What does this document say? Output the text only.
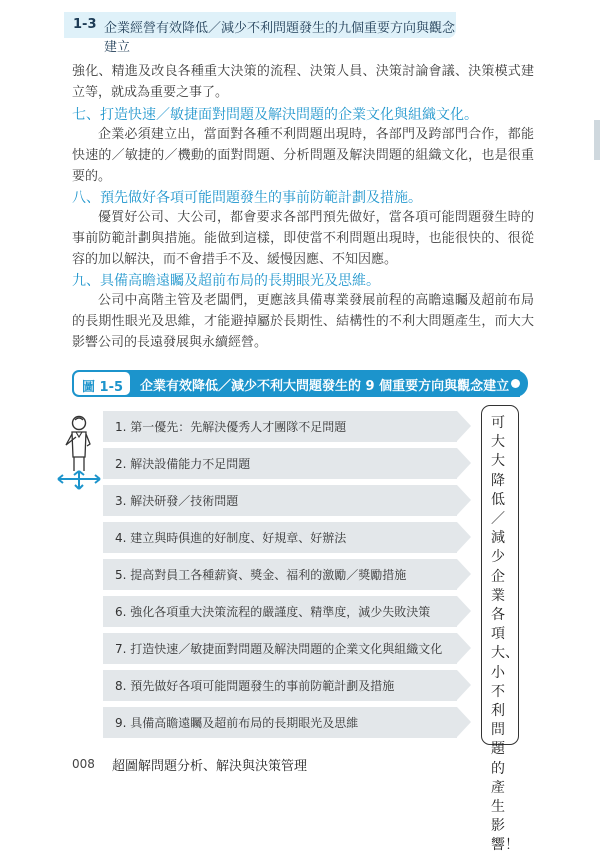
1-3 企業經營有效降低／減少不利問題發生的九個重要方向與觀念建立

強化、精進及改良各種重大決策的流程、決策人員、決策討論會議、決策模式建立等，就成為重要之事了。

七、打造快速／敏捷面對問題及解決問題的企業文化與組織文化。

企業必須建立出，當面對各種不利問題出現時，各部門及跨部門合作，都能快速的／敏捷的／機動的面對問題、分析問題及解決問題的組織文化，也是很重要的。

八、預先做好各項可能問題發生的事前防範計劃及措施。

優質好公司、大公司，都會要求各部門預先做好，當各項可能問題發生時的事前防範計劃與措施。能做到這樣，即使當不利問題出現時，也能很快的、很從容的加以解決，而不會措手不及、緩慢因應、不知因應。

九、具備高瞻遠矚及超前布局的長期眼光及思維。

公司中高階主管及老闆們，更應該具備專業發展前程的高瞻遠矚及超前布局的長期性眼光及思維，才能避掉屬於長期性、結構性的不利大問題產生，而大大影響公司的長遠發展與永續經營。

企業有效降低／減少不利大問題發生的 9 個重要方向與觀念建立
圖 1-5
1. 第一優先：先解決優秀人才團隊不足問題
2. 解決設備能力不足問題
3. 解決研發／技術問題
4. 建立與時俱進的好制度、好規章、好辦法
5. 提高對員工各種薪資、獎金、福利的激勵／獎勵措施
6. 強化各項重大決策流程的嚴謹度、精準度，減少失敗決策
7. 打造快速／敏捷面對問題及解決問題的企業文化與組織文化
8. 預先做好各項可能問題發生的事前防範計劃及措施
9. 具備高瞻遠矚及超前布局的長期眼光及思維
可大大降低／減少企業各項大、小不利問題的產生影響！
008 超圖解問題分析、解決與決策管理
